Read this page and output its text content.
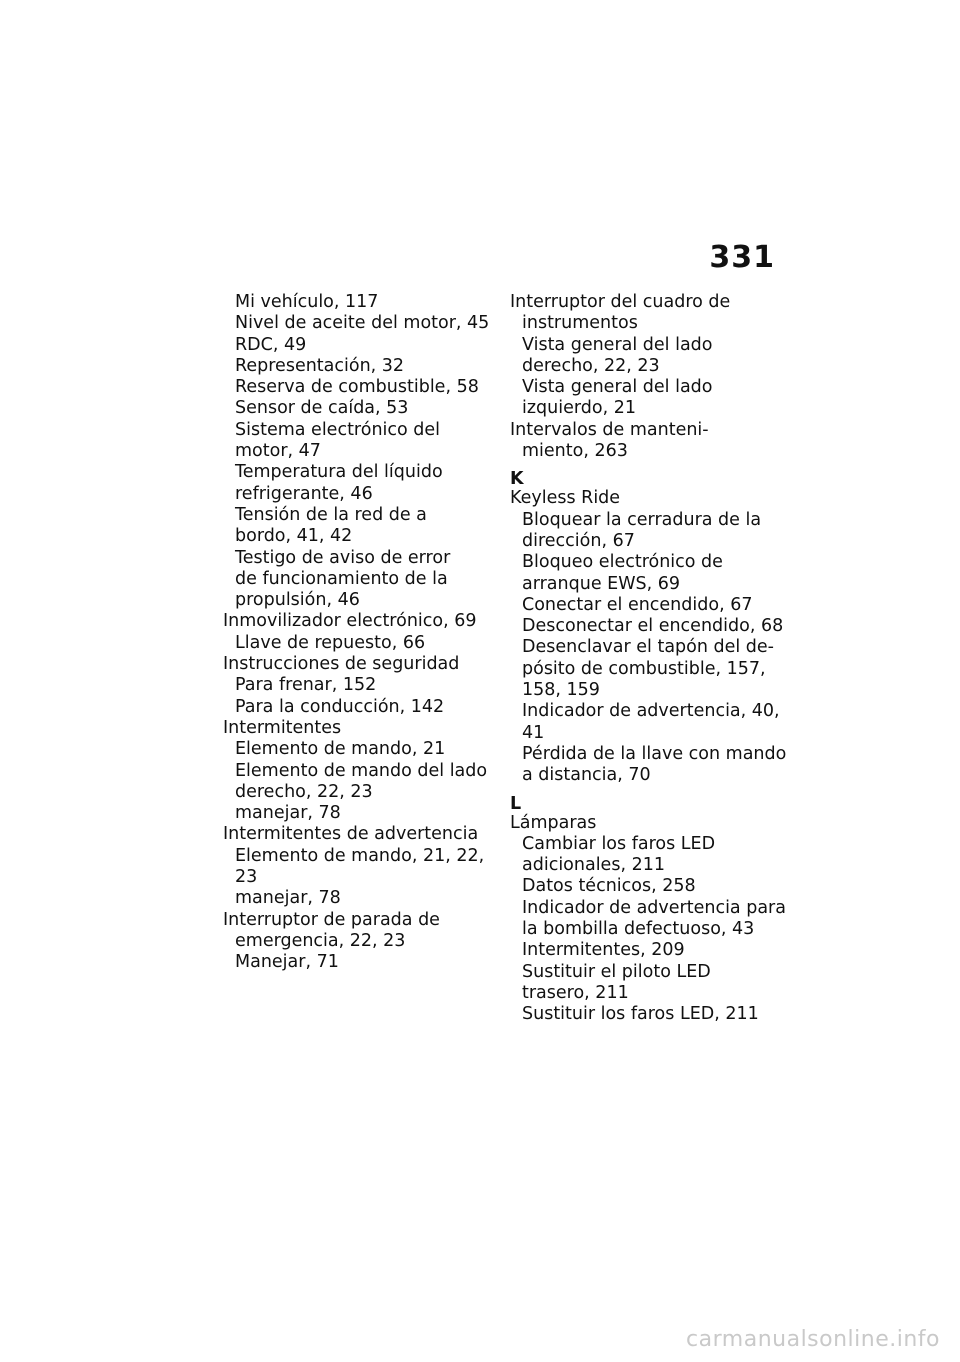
331
Mi vehículo, 117
Nivel de aceite del motor, 45
RDC, 49
Representación, 32
Reserva de combustible, 58
Sensor de caída, 53
Sistema electrónico del
motor, 47
Temperatura del líquido
refrigerante, 46
Tensión de la red de a
bordo, 41, 42
Testigo de aviso de error
de funcionamiento de la
propulsión, 46
Inmovilizador electrónico, 69
Llave de repuesto, 66
Instrucciones de seguridad
Para frenar, 152
Para la conducción, 142
Intermitentes
Elemento de mando, 21
Elemento de mando del lado
derecho, 22, 23
manejar, 78
Intermitentes de advertencia
Elemento de mando, 21, 22,
23
manejar, 78
Interruptor de parada de
emergencia, 22, 23
Manejar, 71
Interruptor del cuadro de
instrumentos
Vista general del lado
derecho, 22, 23
Vista general del lado
izquierdo, 21
Intervalos de manteni-
miento, 263
K
Keyless Ride
Bloquear la cerradura de la
dirección, 67
Bloqueo electrónico de
arranque EWS, 69
Conectar el encendido, 67
Desconectar el encendido, 68
Desenclavar el tapón del de-
pósito de combustible, 157,
158, 159
Indicador de advertencia, 40,
41
Pérdida de la llave con mando
a distancia, 70
L
Lámparas
Cambiar los faros LED
adicionales, 211
Datos técnicos, 258
Indicador de advertencia para
la bombilla defectuoso, 43
Intermitentes, 209
Sustituir el piloto LED
trasero, 211
Sustituir los faros LED, 211
carmanualsonline.info
